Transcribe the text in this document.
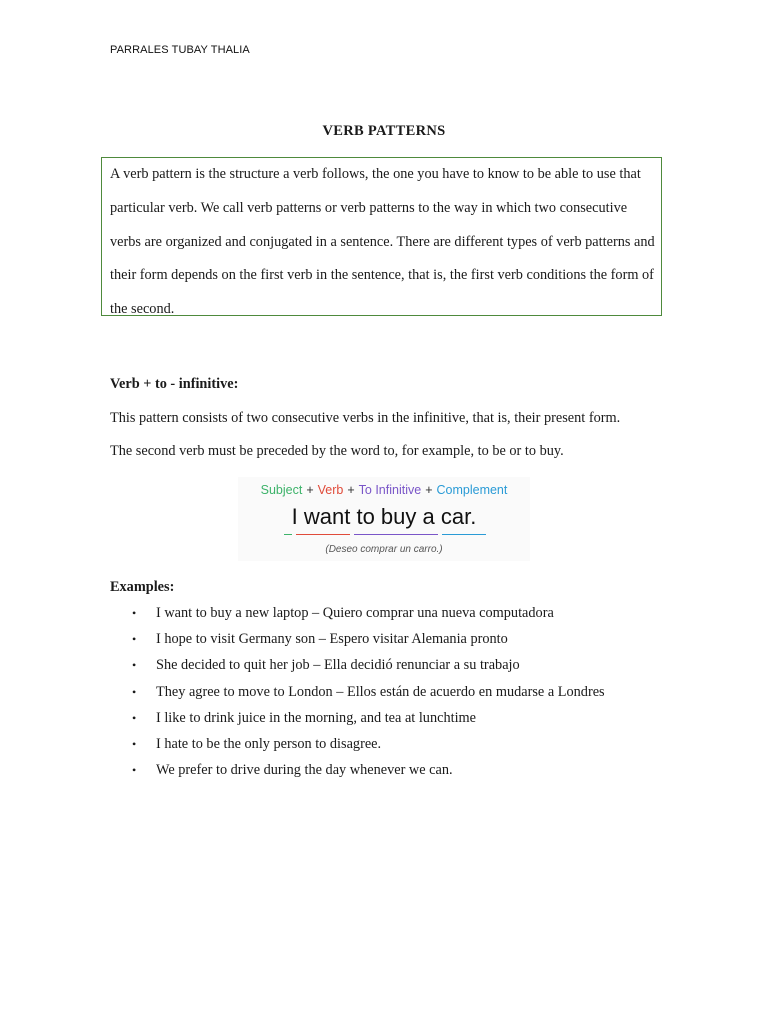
PARRALES TUBAY THALIA
VERB PATTERNS

A verb pattern is the structure a verb follows, the one you have to know to be able to use that particular verb. We call verb patterns or verb patterns to the way in which two consecutive verbs are organized and conjugated in a sentence. There are different types of verb patterns and their form depends on the first verb in the sentence, that is, the first verb conditions the form of the second.

Verb + to - infinitive:

This pattern consists of two consecutive verbs in the infinitive, that is, their present form.

The second verb must be preceded by the word to, for example, to be or to buy.

Subject + Verb + To Infinitive + Complement
I want to buy a car.
(Deseo comprar un carro.)
Examples:
• I want to buy a new laptop – Quiero comprar una nueva computadora
• I hope to visit Germany son – Espero visitar Alemania pronto
• She decided to quit her job – Ella decidió renunciar a su trabajo
• They agree to move to London – Ellos están de acuerdo en mudarse a Londres
• I like to drink juice in the morning, and tea at lunchtime
• I hate to be the only person to disagree.
• We prefer to drive during the day whenever we can.
